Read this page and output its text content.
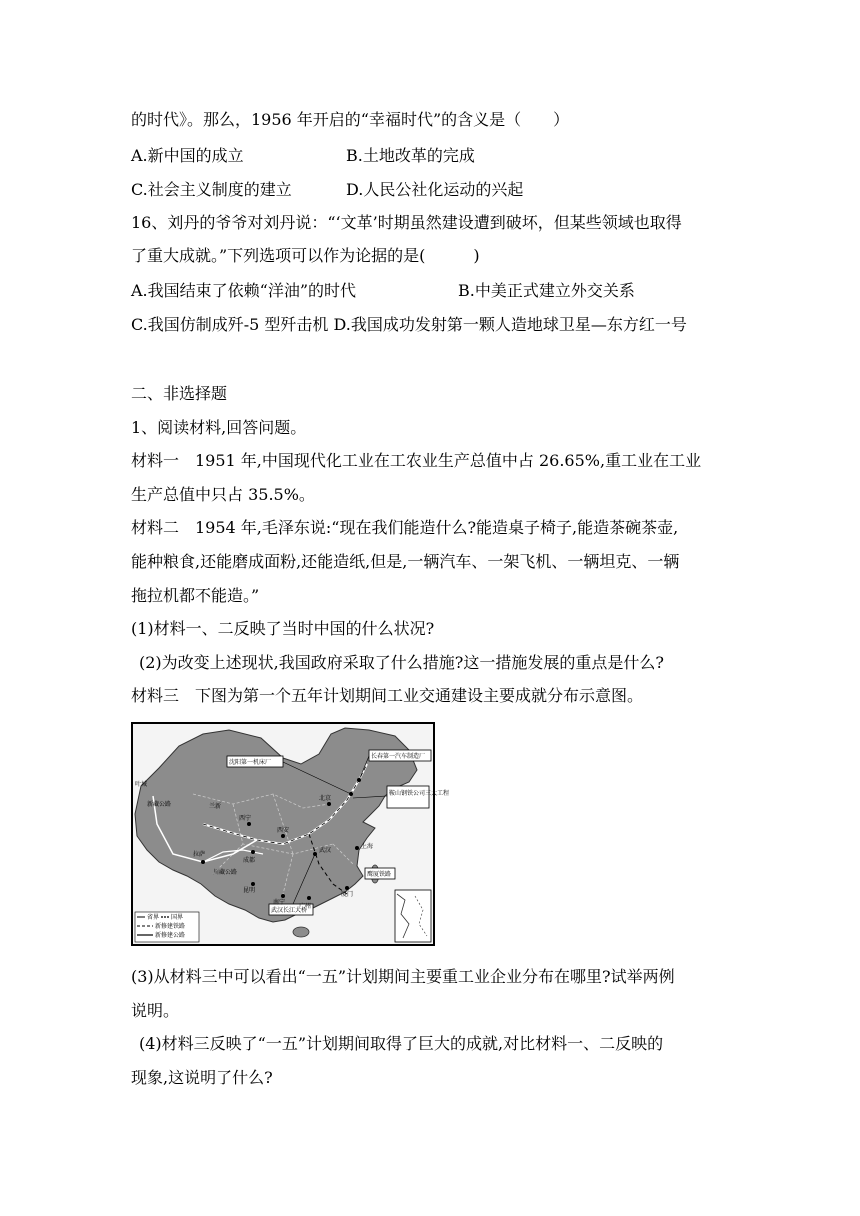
的时代》。那么，1956 年开启的“幸福时代”的含义是（　　）
A.新中国的成立	B.土地改革的完成
C.社会主义制度的建立	D.人民公社化运动的兴起
16、刘丹的爷爷对刘丹说：“‘文革’时期虽然建设遭到破坏，但某些领域也取得
了重大成就。”下列选项可以作为论据的是(　　　)
A.我国结束了依赖“洋油”的时代	B.中美正式建立外交关系
C.我国仿制成歼-5 型歼击机 D.我国成功发射第一颗人造地球卫星—东方红一号
二、非选择题
1、阅读材料,回答问题。
材料一　1951 年,中国现代化工业在工农业生产总值中占 26.65%,重工业在工业
生产总值中只占 35.5%。
材料二　1954 年,毛泽东说:“现在我们能造什么?能造桌子椅子,能造茶碗茶壶,
能种粮食,还能磨成面粉,还能造纸,但是,一辆汽车、一架飞机、一辆坦克、一辆
拖拉机都不能造。”
(1)材料一、二反映了当时中国的什么状况?
(2)为改变上述现状,我国政府采取了什么措施?这一措施发展的重点是什么?
材料三　下图为第一个五年计划期间工业交通建设主要成就分布示意图。
沈阳第一机床厂
长春第一汽车制造厂
鞍山钢铁公司三大工程
武汉长江大桥
鹰厦铁路
叶城
新藏公路	兰新
川藏公路
上海
北京
拉萨
西宁
成都
昆明
广州
厦门
武汉
南宁
西安
省界 国界
新修建铁路
新修建公路
(3)从材料三中可以看出“一五”计划期间主要重工业企业分布在哪里?试举两例
说明。
(4)材料三反映了“一五”计划期间取得了巨大的成就,对比材料一、二反映的
现象,这说明了什么?
